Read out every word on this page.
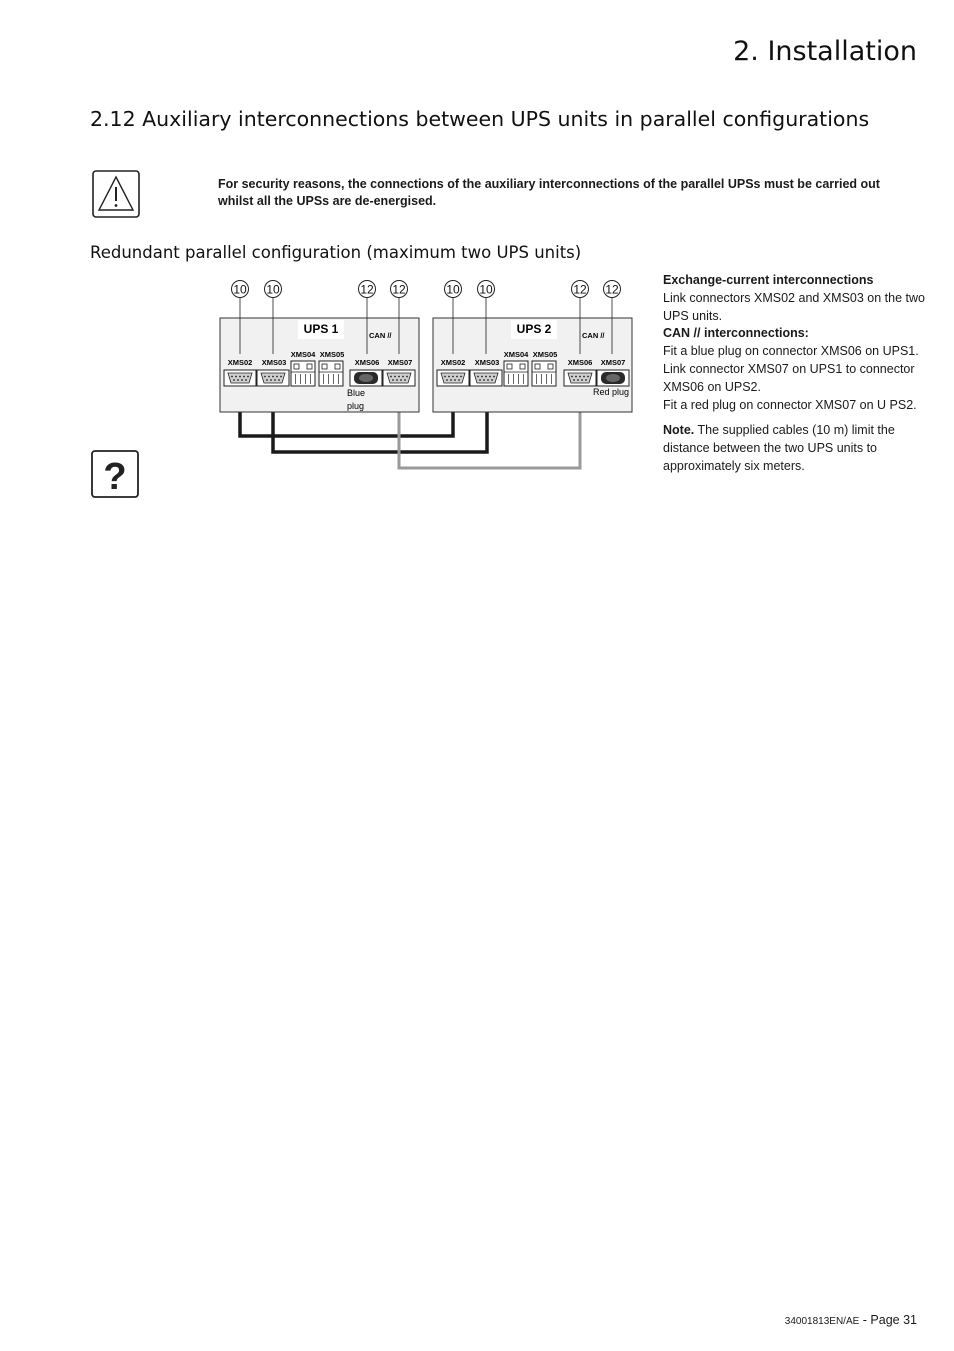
2. Installation
2.12 Auxiliary interconnections between UPS units in parallel configurations

For security reasons, the connections of the auxiliary interconnections of the parallel UPSs must be carried out whilst all the UPSs are de-energised.

Redundant parallel configuration (maximum two UPS units)
UPS 1	CAN //
XMS02 XMS03
XMS04 XMS05
XMS06 XMS07
Blue
plug
UPS 2	CAN //
XMS02 XMS03
XMS04 XMS05
XMS06 XMS07
Red plug
10 10	12 12	10 10	12 12
?

Exchange-current interconnections

Link connectors XMS02 and XMS03 on the two UPS units.

CAN // interconnections:

Fit a blue plug on connector XMS06 on UPS1.

Link connector XMS07 on UPS1 to connector XMS06 on UPS2.

Fit a red plug on connector XMS07 on U PS2.

Note. The supplied cables (10 m) limit the distance between the two UPS units to approximately six meters.

34001813EN/AE - Page 31
